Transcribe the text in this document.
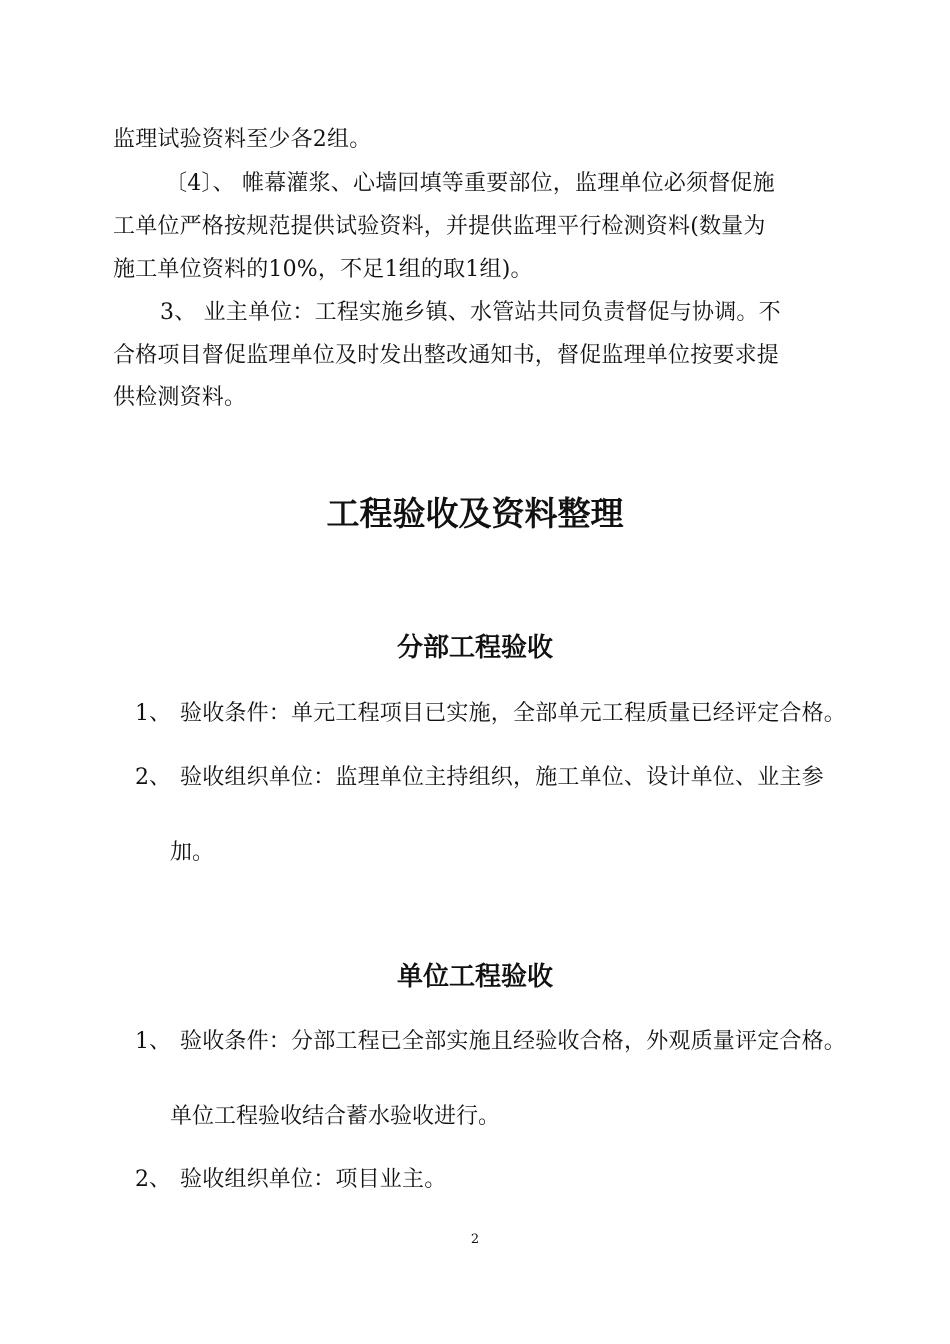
监理试验资料至少各2组。
〔4〕、 帷幕灌浆、心墙回填等重要部位，监理单位必须督促施
工单位严格按规范提供试验资料，并提供监理平行检测资料(数量为
施工单位资料的10%，不足1组的取1组)。
3、 业主单位：工程实施乡镇、水管站共同负责督促与协调。不
合格项目督促监理单位及时发出整改通知书，督促监理单位按要求提
供检测资料。
工程验收及资料整理
分部工程验收
1、 验收条件：单元工程项目已实施，全部单元工程质量已经评定合格。
2、 验收组织单位：监理单位主持组织，施工单位、设计单位、业主参
加。
单位工程验收
1、 验收条件：分部工程已全部实施且经验收合格，外观质量评定合格。
单位工程验收结合蓄水验收进行。
2、 验收组织单位：项目业主。
2
